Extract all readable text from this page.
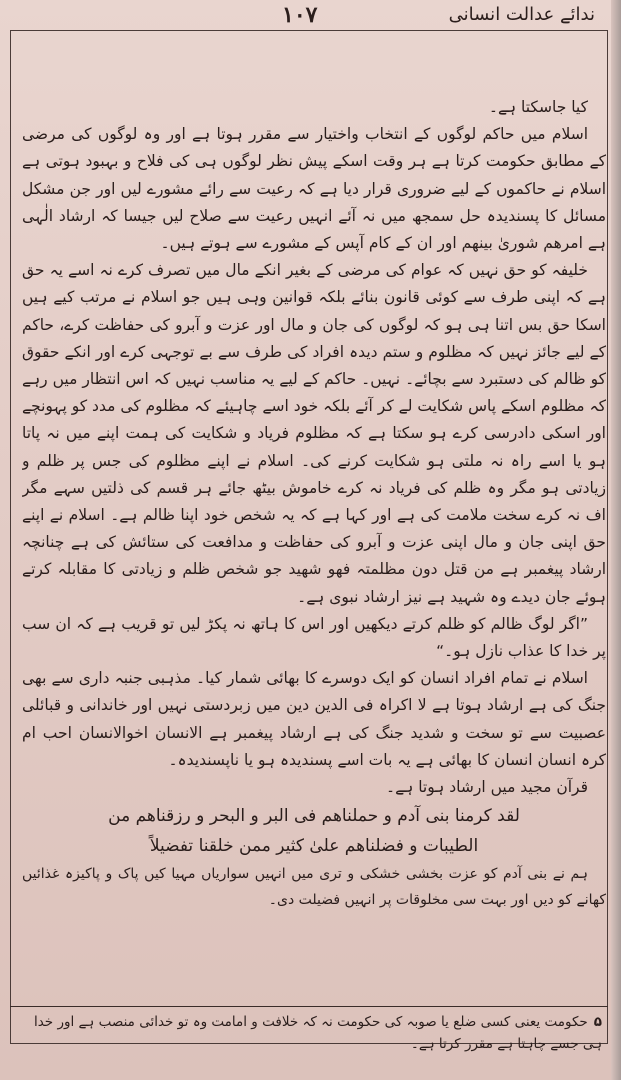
۱۰۷	ندائے عدالت انسانی

کیا جاسکتا ہے۔

اسلام میں حاکم لوگوں کے انتخاب واختیار سے مقرر ہوتا ہے اور وہ لوگوں کی مرضی کے مطابق حکومت کرتا ہے ہر وقت اسکے پیش نظر لوگوں ہی کی فلاح و بہبود ہوتی ہے اسلام نے حاکموں کے لیے ضروری قرار دیا ہے کہ رعیت سے رائے مشورے لیں اور جن مشکل مسائل کا پسندیدہ حل سمجھ میں نہ آئے انہیں رعیت سے صلاح لیں جیسا کہ ارشاد الٰہی ہے امرھم شوریٰ بینھم اور ان کے کام آپس کے مشورے سے ہوتے ہیں۔

خلیفہ کو حق نہیں کہ عوام کی مرضی کے بغیر انکے مال میں تصرف کرے نہ اسے یہ حق ہے کہ اپنی طرف سے کوئی قانون بنائے بلکہ قوانین وہی ہیں جو اسلام نے مرتب کیے ہیں اسکا حق بس اتنا ہی ہو کہ لوگوں کی جان و مال اور عزت و آبرو کی حفاظت کرے، حاکم کے لیے جائز نہیں کہ مظلوم و ستم دیدہ افراد کی طرف سے بے توجہی کرے اور انکے حقوق کو ظالم کی دستبرد سے بچائے۔ نہیں۔ حاکم کے لیے یہ مناسب نہیں کہ اس انتظار میں رہے کہ مظلوم اسکے پاس شکایت لے کر آئے بلکہ خود اسے چاہیئے کہ مظلوم کی مدد کو پہونچے اور اسکی دادرسی کرے ہو سکتا ہے کہ مظلوم فریاد و شکایت کی ہمت اپنے میں نہ پاتا ہو یا اسے راہ نہ ملتی ہو شکایت کرنے کی۔ اسلام نے اپنے مظلوم کی جس پر ظلم و زیادتی ہو مگر وہ ظلم کی فریاد نہ کرے خاموش بیٹھ جائے ہر قسم کی ذلتیں سہے مگر اف نہ کرے سخت ملامت کی ہے اور کہا ہے کہ یہ شخص خود اپنا ظالم ہے۔ اسلام نے اپنے حق اپنی جان و مال اپنی عزت و آبرو کی حفاظت و مدافعت کی ستائش کی ہے چنانچہ ارشاد پیغمبر ہے من قتل دون مظلمتہ فھو شھید جو شخص ظلم و زیادتی کا مقابلہ کرتے ہوئے جان دیدے وہ شہید ہے نیز ارشاد نبوی ہے۔

”اگر لوگ ظالم کو ظلم کرتے دیکھیں اور اس کا ہاتھ نہ پکڑ لیں تو قریب ہے کہ ان سب پر خدا کا عذاب نازل ہو۔“

اسلام نے تمام افراد انسان کو ایک دوسرے کا بھائی شمار کیا۔ مذہبی جنبہ داری سے بھی جنگ کی ہے ارشاد ہوتا ہے لا اکراہ فی الدین دین میں زبردستی نہیں اور خاندانی و قبائلی عصبیت سے تو سخت و شدید جنگ کی ہے ارشاد پیغمبر ہے الانسان اخوالانسان احب ام کرہ انسان انسان کا بھائی ہے یہ بات اسے پسندیدہ ہو یا ناپسندیدہ۔

قرآن مجید میں ارشاد ہوتا ہے۔

لقد کرمنا بنی آدم و حملناھم فی البر و البحر و رزقناھم من

الطیبات و فضلناھم علیٰ کثیر ممن خلقنا تفضیلاً

ہم نے بنی آدم کو عزت بخشی خشکی و تری میں انہیں سواریاں مہیا کیں پاک و پاکیزہ غذائیں کھانے کو دیں اور بہت سی مخلوقات پر انہیں فضیلت دی۔

۵حکومت یعنی کسی ضلع یا صوبہ کی حکومت نہ کہ خلافت و امامت وہ تو خدائی منصب ہے اور خدا ہی جسے چاہتا ہے مقرر کرتا ہے۔
